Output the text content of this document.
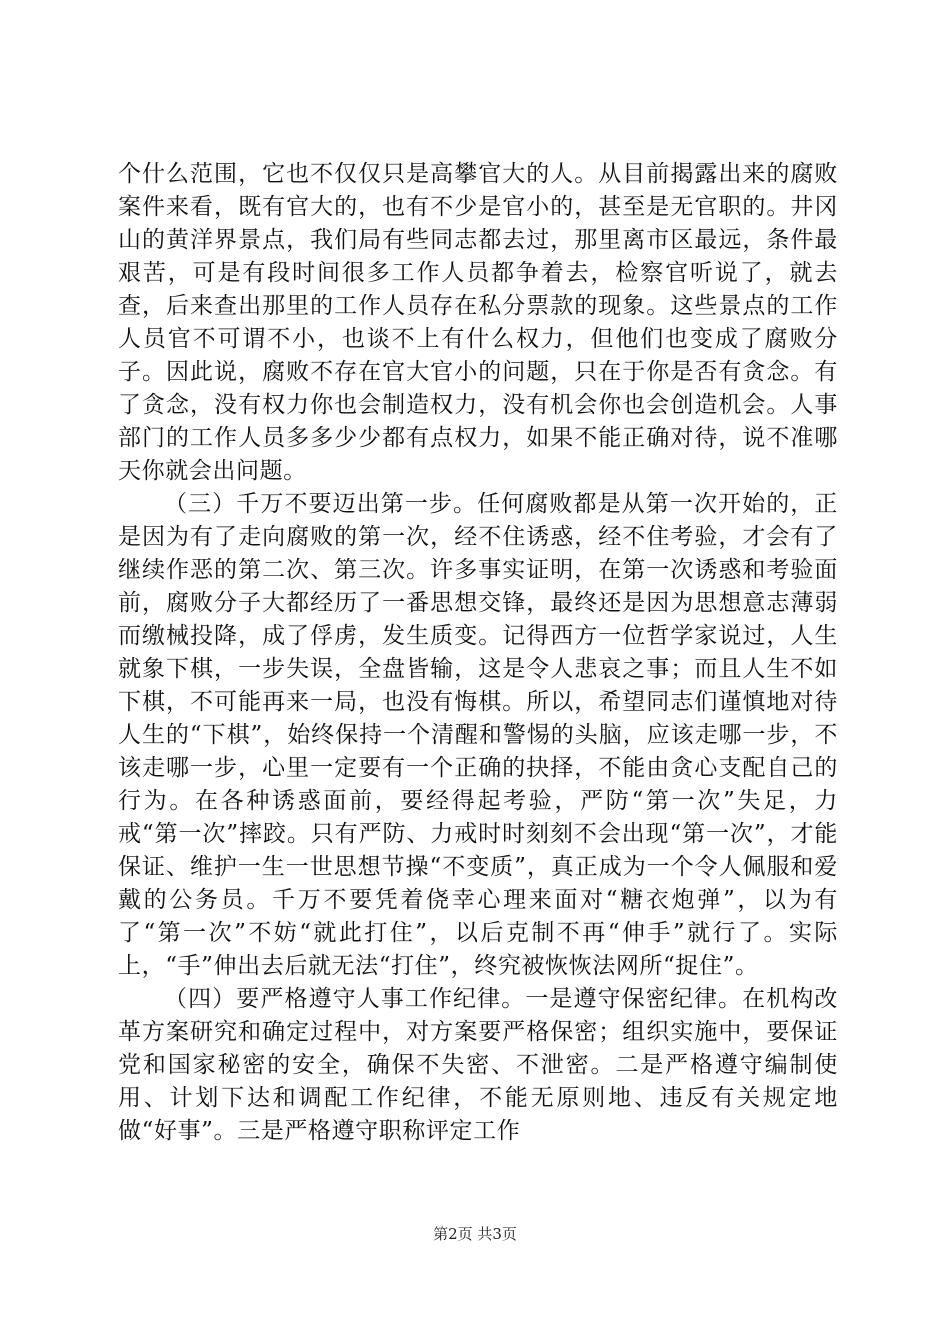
个什么范围，它也不仅仅只是高攀官大的人。从目前揭露出来的腐败案件来看，既有官大的，也有不少是官小的，甚至是无官职的。井冈山的黄洋界景点，我们局有些同志都去过，那里离市区最远，条件最艰苦，可是有段时间很多工作人员都争着去，检察官听说了，就去查，后来查出那里的工作人员存在私分票款的现象。这些景点的工作人员官不可谓不小，也谈不上有什么权力，但他们也变成了腐败分子。因此说，腐败不存在官大官小的问题，只在于你是否有贪念。有了贪念，没有权力你也会制造权力，没有机会你也会创造机会。人事部门的工作人员多多少少都有点权力，如果不能正确对待，说不准哪天你就会出问题。

（三）千万不要迈出第一步。任何腐败都是从第一次开始的，正是因为有了走向腐败的第一次，经不住诱惑，经不住考验，才会有了继续作恶的第二次、第三次。许多事实证明，在第一次诱惑和考验面前，腐败分子大都经历了一番思想交锋，最终还是因为思想意志薄弱而缴械投降，成了俘虏，发生质变。记得西方一位哲学家说过，人生就象下棋，一步失误，全盘皆输，这是令人悲哀之事；而且人生不如下棋，不可能再来一局，也没有悔棋。所以，希望同志们谨慎地对待人生的“下棋”，始终保持一个清醒和警惕的头脑，应该走哪一步，不该走哪一步，心里一定要有一个正确的抉择，不能由贪心支配自己的行为。在各种诱惑面前，要经得起考验，严防“第一次”失足，力戒“第一次”摔跤。只有严防、力戒时时刻刻不会出现“第一次”，才能保证、维护一生一世思想节操“不变质”，真正成为一个令人佩服和爱戴的公务员。千万不要凭着侥幸心理来面对“糖衣炮弹”，以为有了“第一次”不妨“就此打住”，以后克制不再“伸手”就行了。实际上，“手”伸出去后就无法“打住”，终究被恢恢法网所“捉住”。

（四）要严格遵守人事工作纪律。一是遵守保密纪律。在机构改革方案研究和确定过程中，对方案要严格保密；组织实施中，要保证党和国家秘密的安全，确保不失密、不泄密。二是严格遵守编制使用、计划下达和调配工作纪律，不能无原则地、违反有关规定地做“好事”。三是严格遵守职称评定工作

第2页 共3页
